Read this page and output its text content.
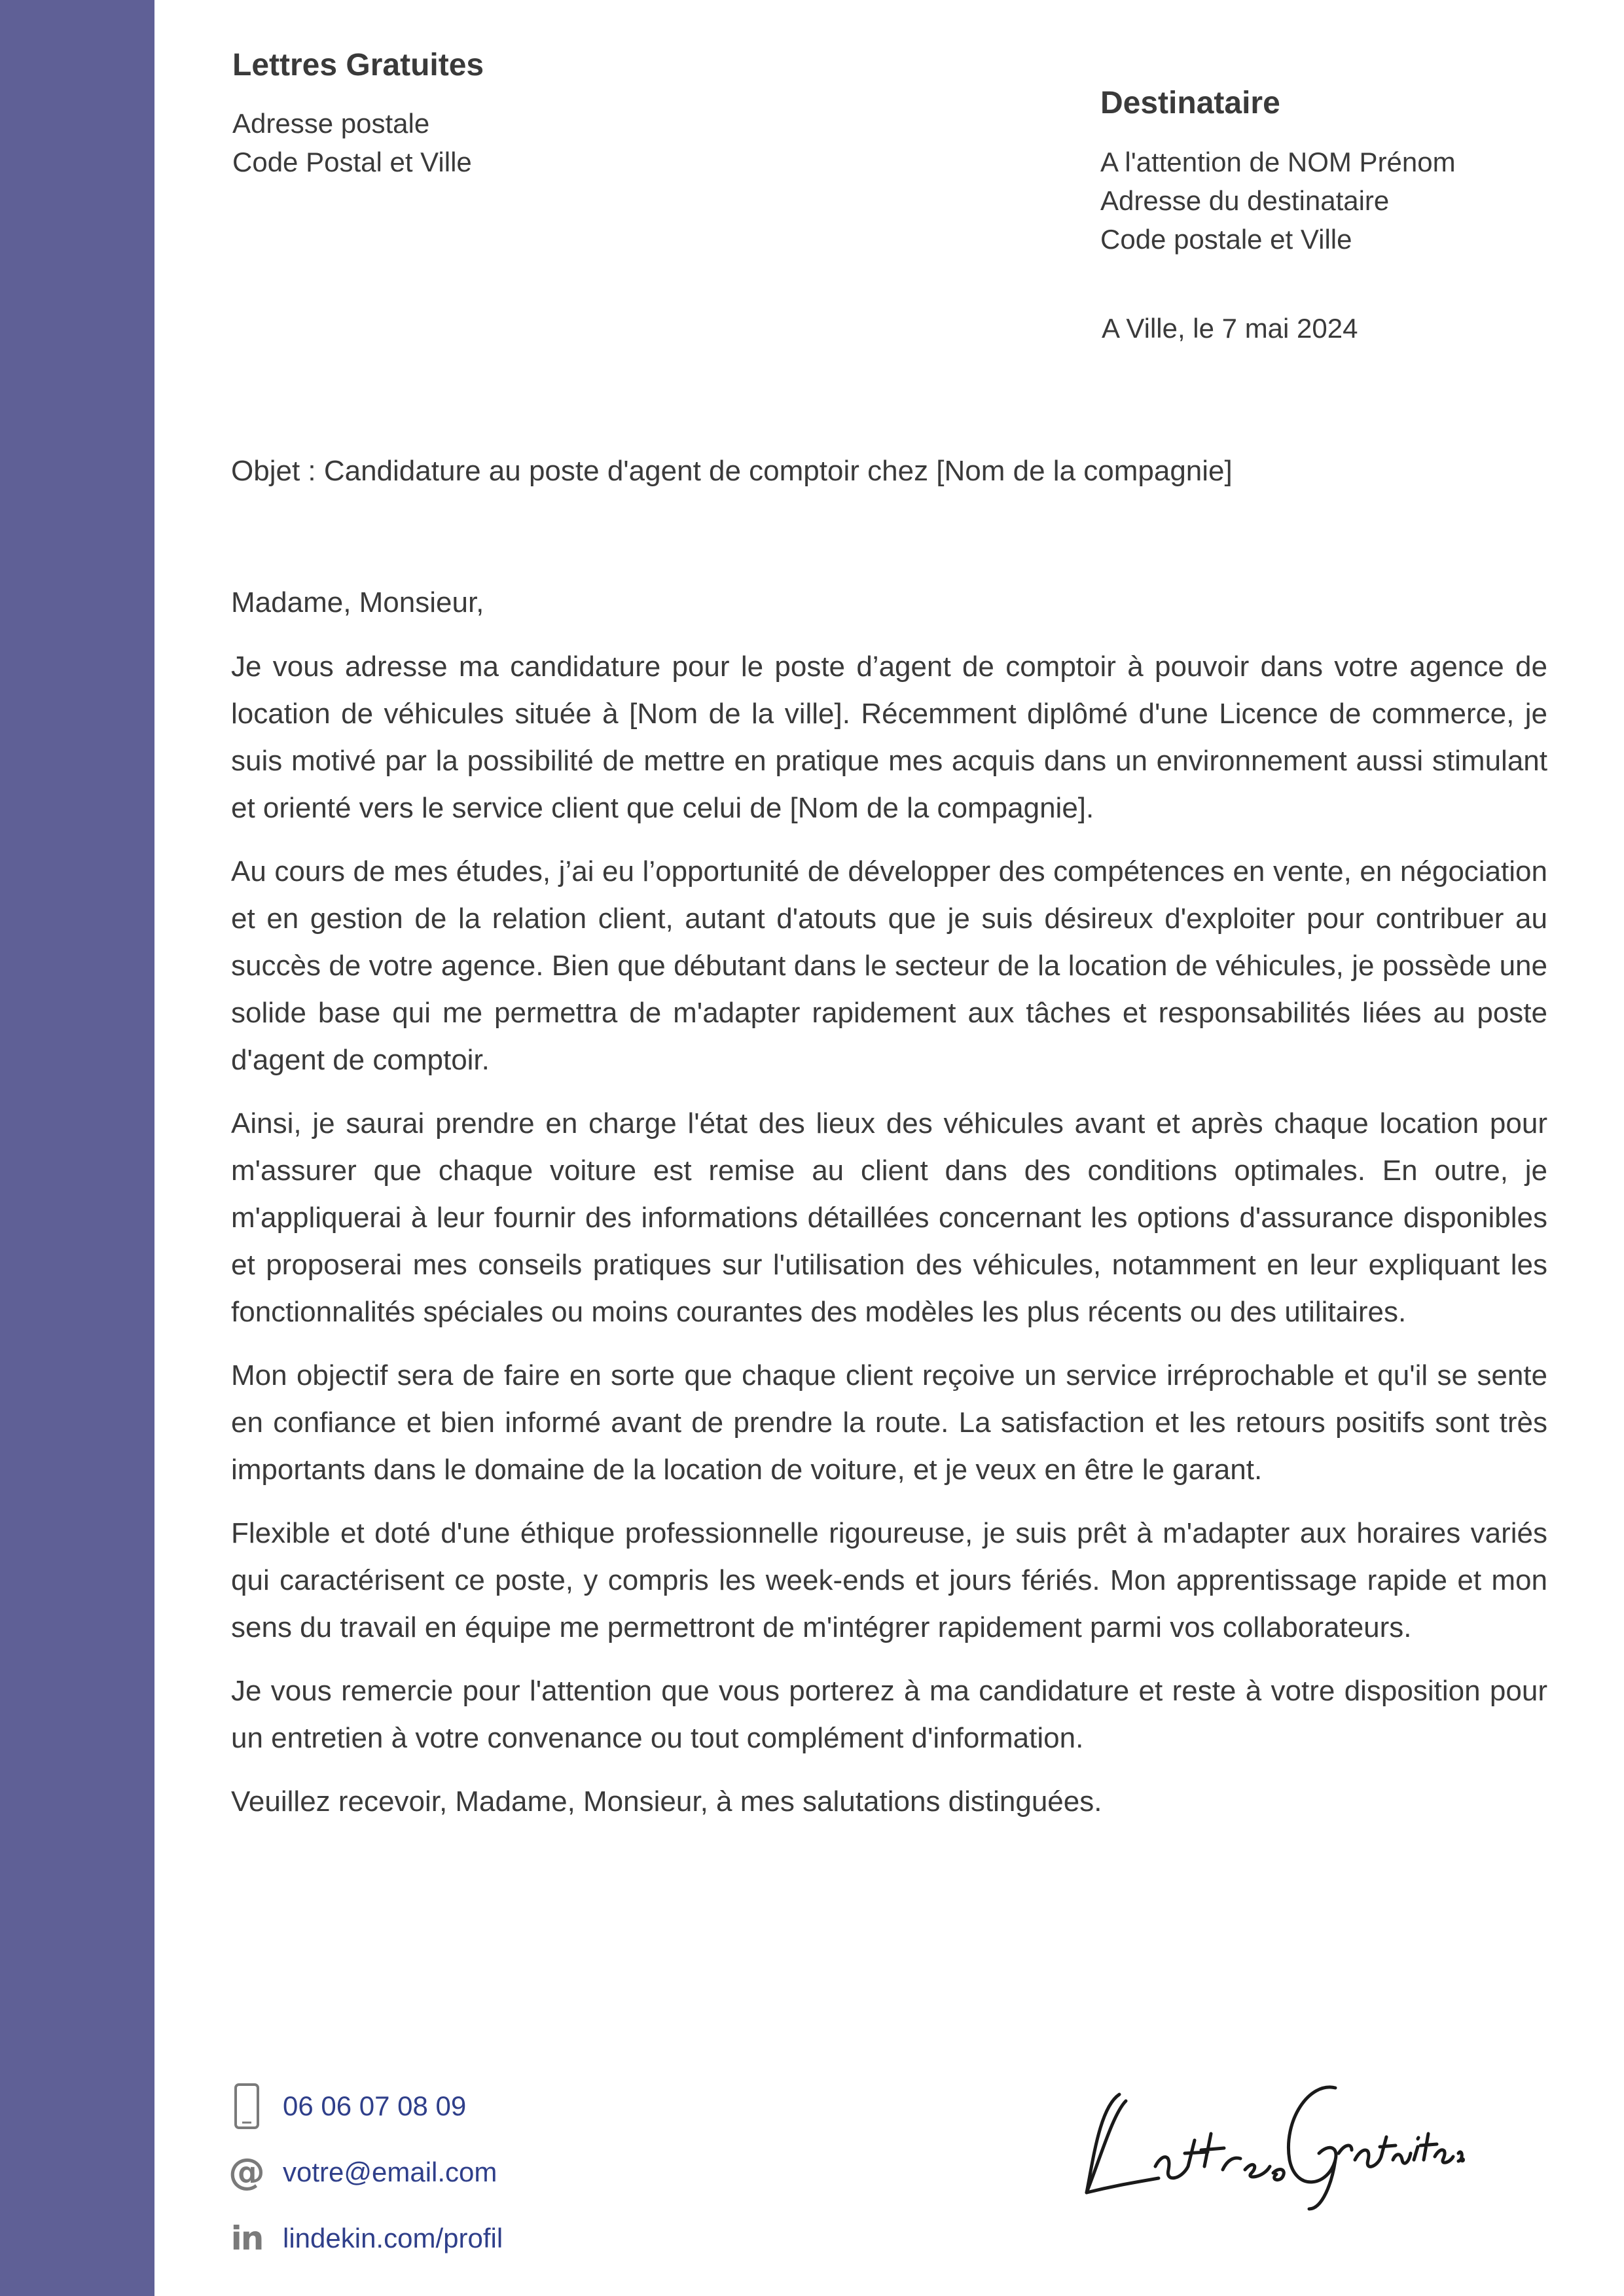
Lettres Gratuites
Adresse postale
Code Postal et Ville
Destinataire
A l'attention de NOM Prénom
Adresse du destinataire
Code postale et Ville
A Ville, le 7 mai 2024
Objet : Candidature au poste d'agent de comptoir chez [Nom de la compagnie]

Madame, Monsieur,

Je vous adresse ma candidature pour le poste d’agent de comptoir à pouvoir dans votre agence de location de véhicules située à [Nom de la ville]. Récemment diplômé d'une Licence de commerce, je suis motivé par la possibilité de mettre en pratique mes acquis dans un environnement aussi stimulant et orienté vers le service client que celui de [Nom de la compagnie].

Au cours de mes études, j’ai eu l’opportunité de développer des compétences en vente, en négociation et en gestion de la relation client, autant d'atouts que je suis désireux d'exploiter pour contribuer au succès de votre agence. Bien que débutant dans le secteur de la location de véhicules, je possède une solide base qui me permettra de m'adapter rapidement aux tâches et responsabilités liées au poste d'agent de comptoir.

Ainsi, je saurai prendre en charge l'état des lieux des véhicules avant et après chaque location pour m'assurer que chaque voiture est remise au client dans des conditions optimales. En outre, je m'appliquerai à leur fournir des informations détaillées concernant les options d'assurance disponibles et proposerai mes conseils pratiques sur l'utilisation des véhicules, notamment en leur expliquant les fonctionnalités spéciales ou moins courantes des modèles les plus récents ou des utilitaires.

Mon objectif sera de faire en sorte que chaque client reçoive un service irréprochable et qu'il se sente en confiance et bien informé avant de prendre la route. La satisfaction et les retours positifs sont très importants dans le domaine de la location de voiture, et je veux en être le garant.

Flexible et doté d'une éthique professionnelle rigoureuse, je suis prêt à m'adapter aux horaires variés qui caractérisent ce poste, y compris les week-ends et jours fériés. Mon apprentissage rapide et mon sens du travail en équipe me permettront de m'intégrer rapidement parmi vos collaborateurs.

Je vous remercie pour l'attention que vous porterez à ma candidature et reste à votre disposition pour un entretien à votre convenance ou tout complément d'information.

Veuillez recevoir, Madame, Monsieur, à mes salutations distinguées.

06 06 07 08 09
@ votre@email.com
in lindekin.com/profil
